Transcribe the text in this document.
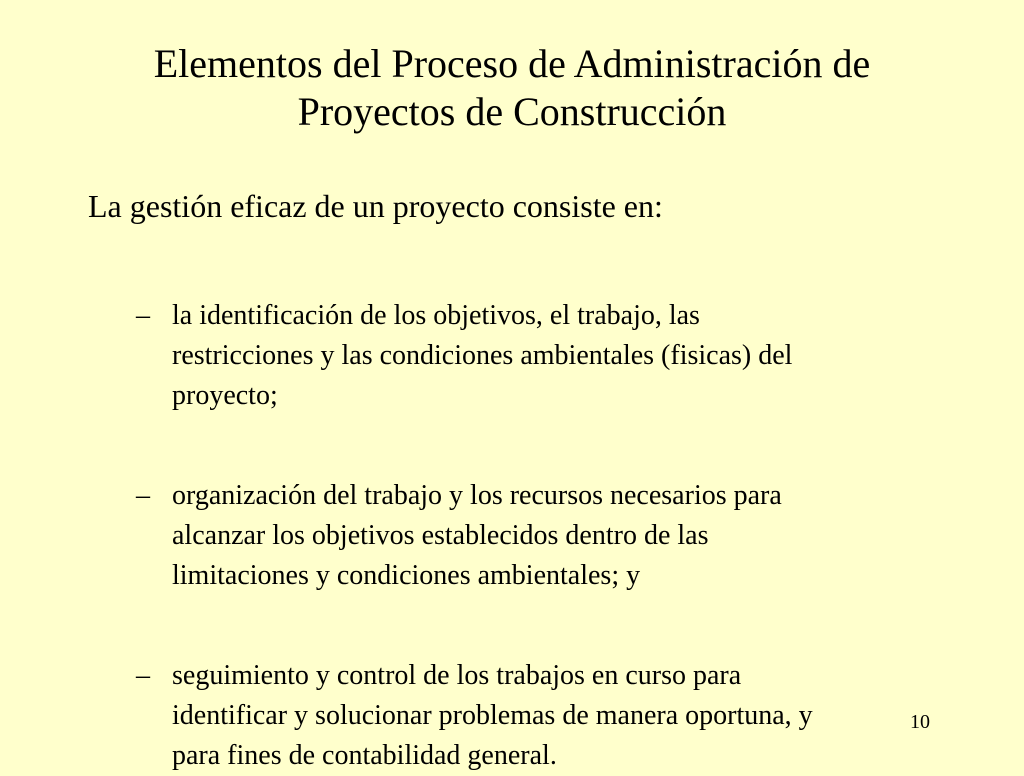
Elementos del Proceso de Administración de
Proyectos de Construcción

La gestión eficaz de un proyecto consiste en:

– la identificación de los objetivos, el trabajo, las
restricciones y las condiciones ambientales (fisicas) del
proyecto;
– organización del trabajo y los recursos necesarios para
alcanzar los objetivos establecidos dentro de las
limitaciones y condiciones ambientales; y
– seguimiento y control de los trabajos en curso para
identificar y solucionar problemas de manera oportuna, y
para fines de contabilidad general.
10
